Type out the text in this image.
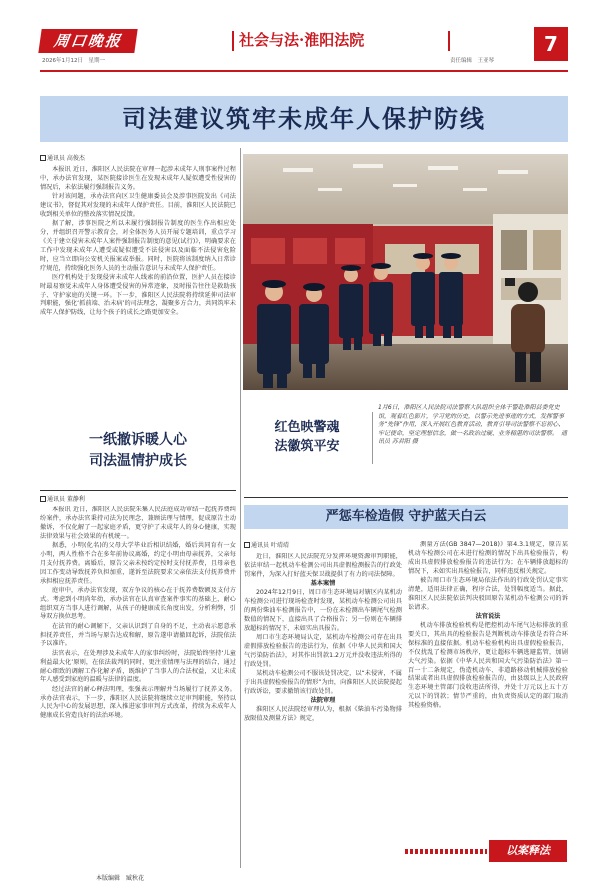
周口晚报
2026年1月12日　星期一
社会与法·淮阳法院
责任编辑　王亚琴
7
司法建议筑牢未成年人保护防线
通讯员 高俊杰

本报讯 近日，淮阳区人民法院在审理一起涉未成年人刑事案件过程中，承办法官发现，某医院接诊医生在发现未成年人疑似遭受性侵害的情况后，未依法履行强制报告义务。

针对该问题，承办法官向区卫生健康委员会及涉事医院发出《司法建议书》，督促其对发现的未成年人保护责任。目前，淮阳区人民法院已收到相关单位的整改落实情况反馈。

据了解，涉事医院之所以未履行强制报告制度的医生作出相应处分，并组织召开警示教育会，对全体医务人员开展专题培训，重点学习《关于建立侵害未成年人案件强制报告制度的意见(试行)》，明确要求在工作中发现未成年人遭受或疑似遭受不法侵害以及面临不法侵害危险时，应当立即向公安机关报案或举报。同时，医院将该制度纳入日常诊疗规范，持续强化医务人员的主动报告意识与未成年人保护责任。

医疗机构处于发现侵害未成年人线索的前沿位置，医护人员在接诊时最易察觉未成年人身体遭受侵害的异常迹象，及时报告往往是救助孩子、守护家庭的关键一环。下一步，淮阳区人民法院将持续延伸司法审判职能，强化‘抓前端、治未病’的司法理念，凝聚多方合力，共同筑牢未成年人保护防线，让每个孩子的成长之路更加安全。

红色映警魂
法徽筑平安
1月6日，淮阳区人民法院司法警察大队组织全体干警赴淮阳县委党史馆，观看红色影片，学习党的历史，以警示先进事迹的方式，发挥警事务“先锋”作用，深入开展红色教育活动，教育引导司法警察不忘初心、牢记使命，坚定理想信念，做一名政治过硬、业务精湛的司法警察。　通讯员 苏君阳 摄
一纸撤诉暖人心
司法温情护成长
通讯员 董静利

本报讯 近日，淮阳区人民法院朱集人民法庭成功审结一起抚养费纠纷案件，承办法官秉持司法为民理念，兼顾法理与情理，促成原告主动撤诉，不仅化解了一起家庭矛盾，更守护了未成年人的身心健康，实现法律效果与社会效果的有机统一。

据悉，小明(化名)的父母大学毕业后相识结婚，婚后共同育有一女小明，两人性格不合在多年前协议离婚，约定小明由母亲抚养，父亲每月支付抚养费。离婚后，原告父亲未按约定按时支付抚养费，且母亲也因工作变动导致抚养负担加重，遂诉至法院要求父亲依法支付抚养费并承担相应抚养责任。

庭审中，承办法官发现，双方争议的核心在于抚养费数额及支付方式。考虑到小明尚年幼，承办法官在认真审查案件事实的基础上，耐心组织双方当事人进行调解，从孩子的健康成长角度出发，分析利弊，引导双方换位思考。

在法官的耐心调解下，父亲认识到了自身的不足，主动表示愿意承担抚养责任，并当场与原告达成和解，原告遂申请撤回起诉，法院依法予以准许。

法官表示，在处理涉及未成年人的家事纠纷时，法院始终坚持‘儿童利益最大化’原则，在依法裁判的同时，更注重情理与法理的结合，通过耐心细致的调解工作化解矛盾，既维护了当事人的合法权益，又让未成年人感受到家庭的温暖与法律的温度。

经过法官的耐心释法明理，张强表示理解并当场履行了抚养义务。承办法官表示，下一步，淮阳区人民法院将继续立足审判职能，坚持以人民为中心的发展思想，深入推进家事审判方式改革，持续为未成年人健康成长营造良好的法治环境。

严惩车检造假 守护蓝天白云
通讯员 叶靖靖

近日，淮阳区人民法院充分发挥环境资源审判职能，依法审结一起机动车检测公司出具虚假检测报告的行政处罚案件，为深入打好蓝天保卫战提供了有力的司法保障。

基本案情

2024年12月9日，周口市生态环境局对辖区内某机动车检测公司进行现场检查时发现，某机动车检测公司出具的两份柴油车检测报告中，一份在未检测出车辆尾气检测数值的情况下，直接出具了合格报告；另一份则在车辆排放超标的情况下，未如实出具报告。

周口市生态环境局认定，某机动车检测公司存在出具虚假排放检验报告的违法行为，依据《中华人民共和国大气污染防治法》，对其作出罚款1.2万元并没收违法所得的行政处罚。

某机动车检测公司不服该处罚决定，以“未侵害，不属于出具虚假检验报告的情形”为由，向淮阳区人民法院提起行政诉讼，要求撤销该行政处罚。

法院审理

淮阳区人民法院经审理认为，根据《柴油车污染物排放限值及测量方法》规定，

测量方法(GB 3847—2018)》第4.3.1规定，原告某机动车检测公司在未进行检测的情况下出具检验报告，构成出具虚假排放检验报告的违法行为；在车辆排放超标的情况下，未如实出具检验报告，同样违反相关规定。

被告周口市生态环境局依法作出的行政处罚认定事实清楚，适用法律正确，程序合法，处罚幅度适当。据此，淮阳区人民法院依法判决驳回原告某机动车检测公司的诉讼请求。

法官说法

机动车排放检验机构是把控机动车尾气达标排放的重要关口，其出具的检验报告是判断机动车排放是否符合环保标准的直接依据。机动车检验机构出具虚假检验报告，不仅扰乱了检测市场秩序，更让超标车辆逃避监管，加剧大气污染。依据《中华人民共和国大气污染防治法》第一百一十二条规定，伪造机动车、非道路移动机械排放检验结果或者出具虚假排放检验报告的，由县级以上人民政府生态环境主管部门没收违法所得，并处十万元以上五十万元以下的罚款；情节严重的，由负责资质认定的部门取消其检验资格。

以案释法
本版编辑　臧秋花
